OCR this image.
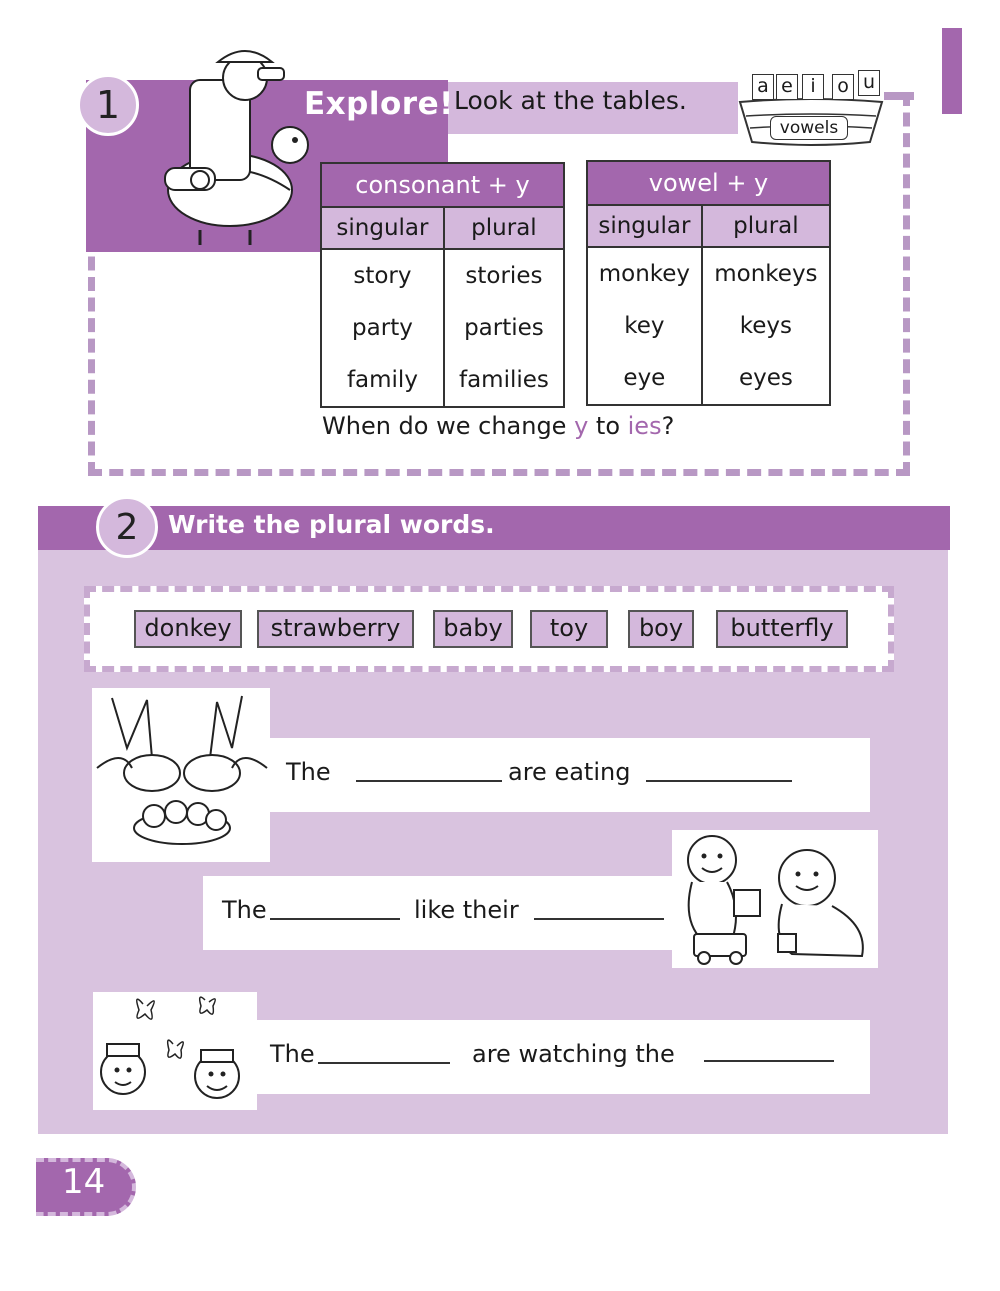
1	Explore! Look at the tables.	a e i	o u
vowels
consonant + y	
singular	plural
story	stories
party	parties
family	families
vowel + y	
singular	plural
monkey	monkeys
key	keys
eye	eyes
When do we change y to ies?
2	Write the plural words.
donkey	strawberry	baby	toy	boy	butterfly
The	are eating
The	like their
The	are watching the
14
